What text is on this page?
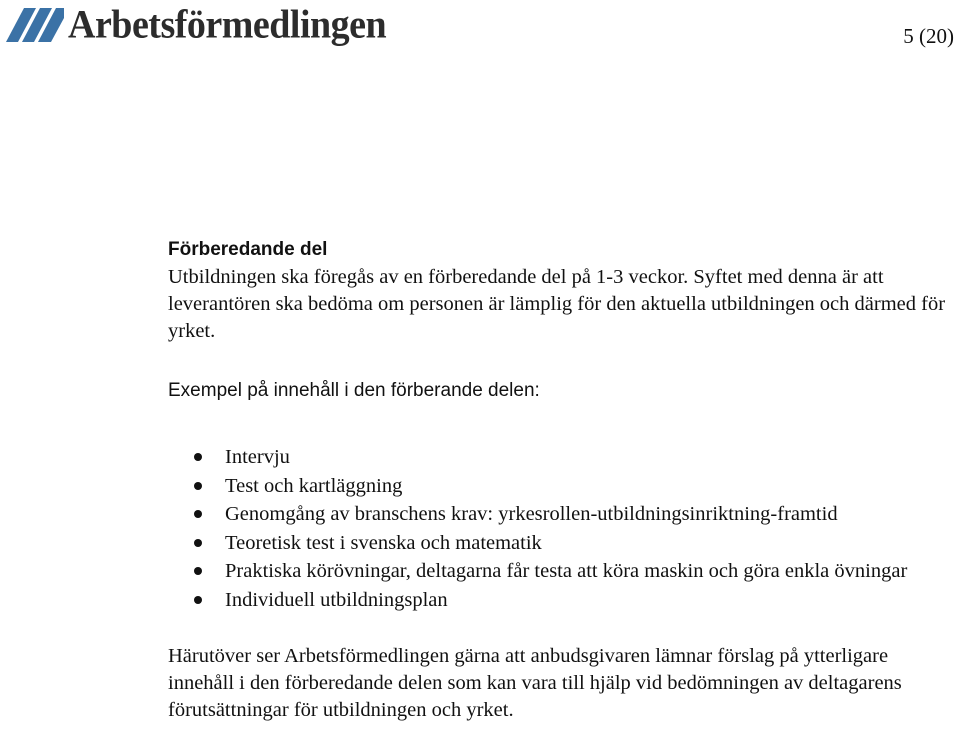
Arbetsförmedlingen	5 (20)
Förberedande del

Utbildningen ska föregås av en förberedande del på 1-3 veckor. Syftet med denna är att leverantören ska bedöma om personen är lämplig för den aktuella utbildningen och därmed för yrket.

Exempel på innehåll i den förberande delen:

Intervju
Test och kartläggning
Genomgång av branschens krav: yrkesrollen-utbildningsinriktning-framtid
Teoretisk test i svenska och matematik
Praktiska körövningar, deltagarna får testa att köra maskin och göra enkla övningar
Individuell utbildningsplan

Härutöver ser Arbetsförmedlingen gärna att anbudsgivaren lämnar förslag på ytterligare innehåll i den förberedande delen som kan vara till hjälp vid bedömningen av deltagarens förutsättningar för utbildningen och yrket.
